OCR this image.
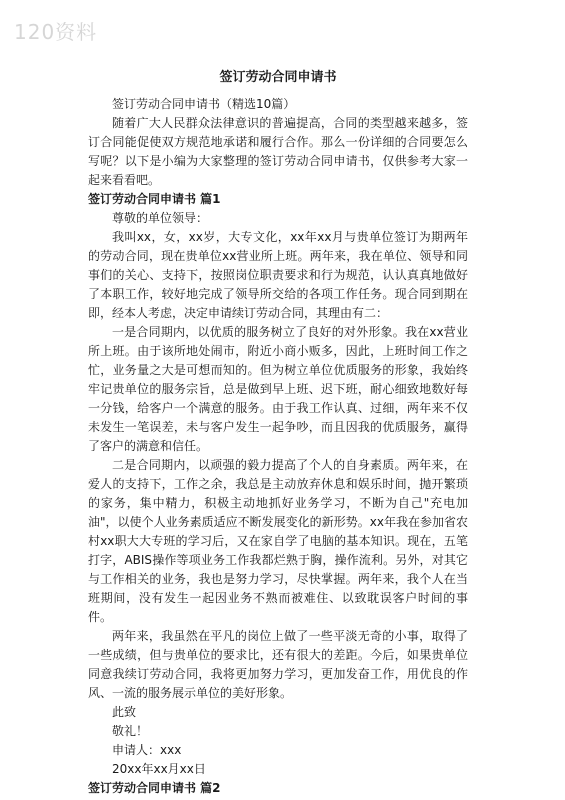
120资料
签订劳动合同申请书

签订劳动合同申请书（精选10篇）

随着广大人民群众法律意识的普遍提高，合同的类型越来越多，签订合同能促使双方规范地承诺和履行合作。那么一份详细的合同要怎么写呢？以下是小编为大家整理的签订劳动合同申请书，仅供参考大家一起来看看吧。

签订劳动合同申请书 篇1

尊敬的单位领导：

我叫xx，女，xx岁，大专文化，xx年xx月与贵单位签订为期两年的劳动合同，现在贵单位xx营业所上班。两年来，我在单位、领导和同事们的关心、支持下，按照岗位职责要求和行为规范，认认真真地做好了本职工作，较好地完成了领导所交给的各项工作任务。现合同到期在即，经本人考虑，决定申请续订劳动合同，其理由有二：

一是合同期内，以优质的服务树立了良好的对外形象。我在xx营业所上班。由于该所地处闹市，附近小商小贩多，因此，上班时间工作之忙，业务量之大是可想而知的。但为树立单位优质服务的形象，我始终牢记贵单位的服务宗旨，总是做到早上班、迟下班，耐心细致地数好每一分钱，给客户一个满意的服务。由于我工作认真、过细，两年来不仅未发生一笔误差，未与客户发生一起争吵，而且因我的优质服务，赢得了客户的满意和信任。

二是合同期内，以顽强的毅力提高了个人的自身素质。两年来，在爱人的支持下，工作之余，我总是主动放弃休息和娱乐时间，抛开繁琐的家务，集中精力，积极主动地抓好业务学习，不断为自己"充电加油"，以使个人业务素质适应不断发展变化的新形势。xx年我在参加省农村xx职大大专班的学习后，又在家自学了电脑的基本知识。现在，五笔打字，ABIS操作等项业务工作我都烂熟于胸，操作流利。另外，对其它与工作相关的业务，我也是努力学习，尽快掌握。两年来，我个人在当班期间，没有发生一起因业务不熟而被难住、以致耽误客户时间的事件。

两年来，我虽然在平凡的岗位上做了一些平淡无奇的小事，取得了一些成绩，但与贵单位的要求比，还有很大的差距。今后，如果贵单位同意我续订劳动合同，我将更加努力学习，更加发奋工作，用优良的作风、一流的服务展示单位的美好形象。

此致

敬礼！

申请人：xxx

20xx年xx月xx日

签订劳动合同申请书 篇2
